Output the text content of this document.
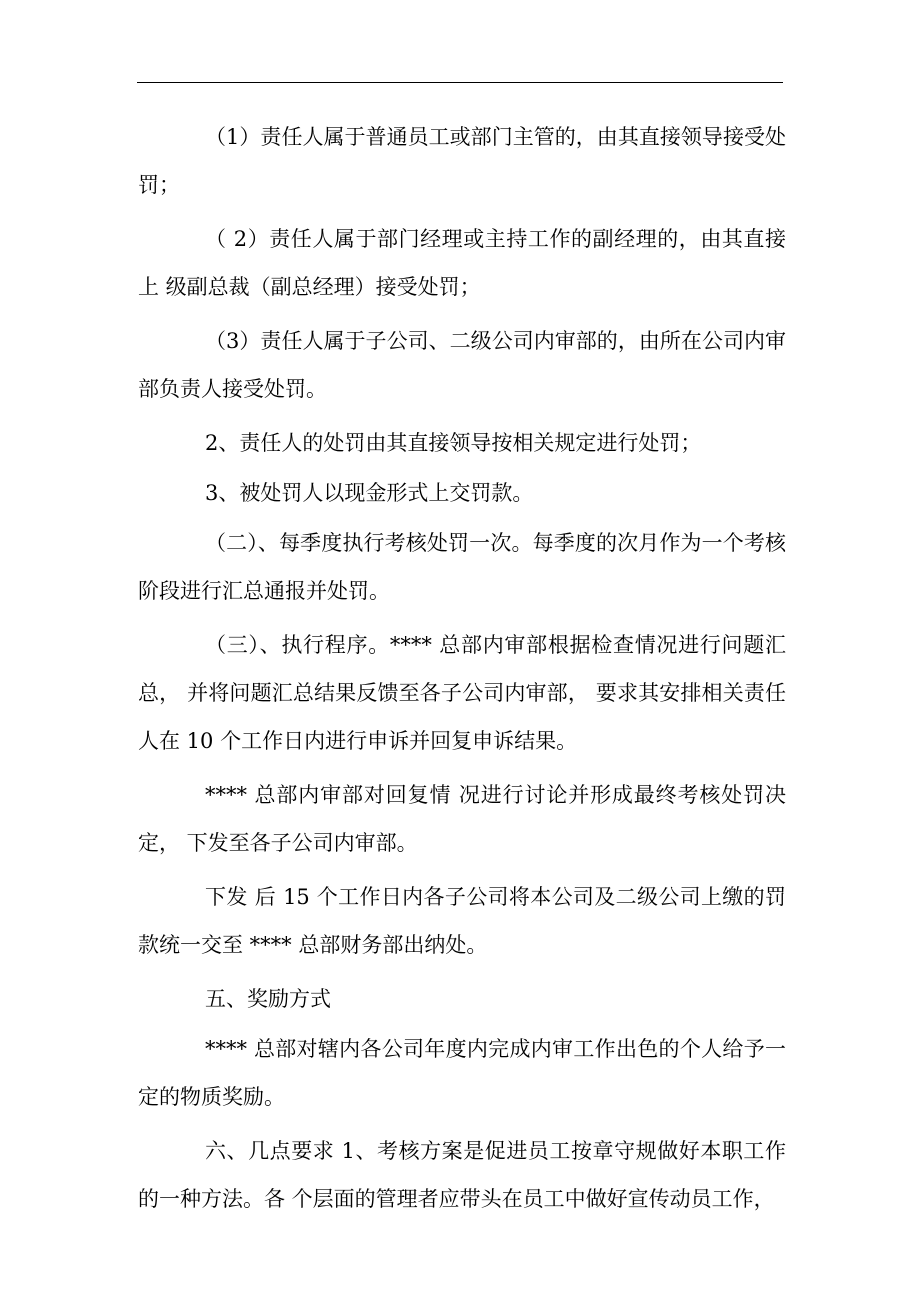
（1）责任人属于普通员工或部门主管的，由其直接领导接受处 罚；

（ 2）责任人属于部门经理或主持工作的副经理的，由其直接上 级副总裁（副总经理）接受处罚；

（3）责任人属于子公司、二级公司内审部的，由所在公司内审 部负责人接受处罚。

2、责任人的处罚由其直接领导按相关规定进行处罚；

3、被处罚人以现金形式上交罚款。

（二）、每季度执行考核处罚一次。每季度的次月作为一个考核 阶段进行汇总通报并处罚。

（三）、执行程序。**** 总部内审部根据检查情况进行问题汇总， 并将问题汇总结果反馈至各子公司内审部， 要求其安排相关责任人在 10 个工作日内进行申诉并回复申诉结果。

**** 总部内审部对回复情 况进行讨论并形成最终考核处罚决定， 下发至各子公司内审部。

下发 后 15 个工作日内各子公司将本公司及二级公司上缴的罚款统一交至 **** 总部财务部出纳处。

五、奖励方式

**** 总部对辖内各公司年度内完成内审工作出色的个人给予一 定的物质奖励。

六、几点要求 1、考核方案是促进员工按章守规做好本职工作的一种方法。各 个层面的管理者应带头在员工中做好宣传动员工作，
